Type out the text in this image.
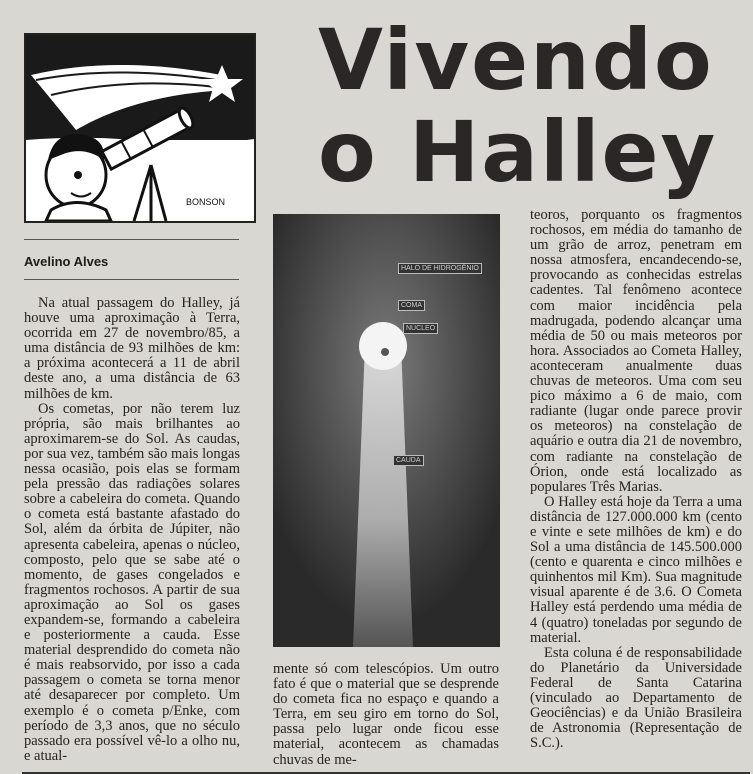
BONSON
Vivendo
o Halley
Avelino Alves

Na atual passagem do Halley, já houve uma aproximação à Terra, ocorrida em 27 de novembro/85, a uma distância de 93 milhões de km: a próxima acontecerá a 11 de abril deste ano, a uma distância de 63 milhões de km.

Os cometas, por não terem luz própria, são mais brilhantes ao aproximarem-se do Sol. As caudas, por sua vez, também são mais longas nessa ocasião, pois elas se formam pela pressão das radiações solares sobre a cabeleira do cometa. Quando o cometa está bastante afastado do Sol, além da órbita de Júpiter, não apresenta cabeleira, apenas o núcleo, composto, pelo que se sabe até o momento, de gases congelados e fragmentos rochosos. A partir de sua aproximação ao Sol os gases expandem-se, formando a cabeleira e posteriormente a cauda. Esse material desprendido do cometa não é mais reabsorvido, por isso a cada passagem o cometa se torna menor até desaparecer por completo. Um exemplo é o cometa p/Enke, com período de 3,3 anos, que no século passado era possível vê-lo a olho nu, e atual-

HALO DE HIDROGÊNIO
COMA
NÚCLEO
CAUDA

mente só com telescópios. Um outro fato é que o material que se desprende do cometa fica no espaço e quando a Terra, em seu giro em torno do Sol, passa pelo lugar onde ficou esse material, acontecem as chamadas chuvas de me-

teoros, porquanto os fragmentos rochosos, em média do tamanho de um grão de arroz, penetram em nossa atmosfera, encandecendo-se, provocando as conhecidas estrelas cadentes. Tal fenômeno acontece com maior incidência pela madrugada, podendo alcançar uma média de 50 ou mais meteoros por hora. Associados ao Cometa Halley, aconteceram anualmente duas chuvas de meteoros. Uma com seu pico máximo a 6 de maio, com radiante (lugar onde parece provir os meteoros) na constelação de aquário e outra dia 21 de novembro, com radiante na constelação de Órion, onde está localizado as populares Três Marias.

O Halley está hoje da Terra a uma distância de 127.000.000 km (cento e vinte e sete milhões de km) e do Sol a uma distância de 145.500.000 (cento e quarenta e cinco milhões e quinhentos mil Km). Sua magnitude visual aparente é de 3.6. O Cometa Halley está perdendo uma média de 4 (quatro) toneladas por segundo de material.

Esta coluna é de responsabilidade do Planetário da Universidade Federal de Santa Catarina (vinculado ao Departamento de Geociências) e da União Brasileira de Astronomia (Representação de S.C.).
